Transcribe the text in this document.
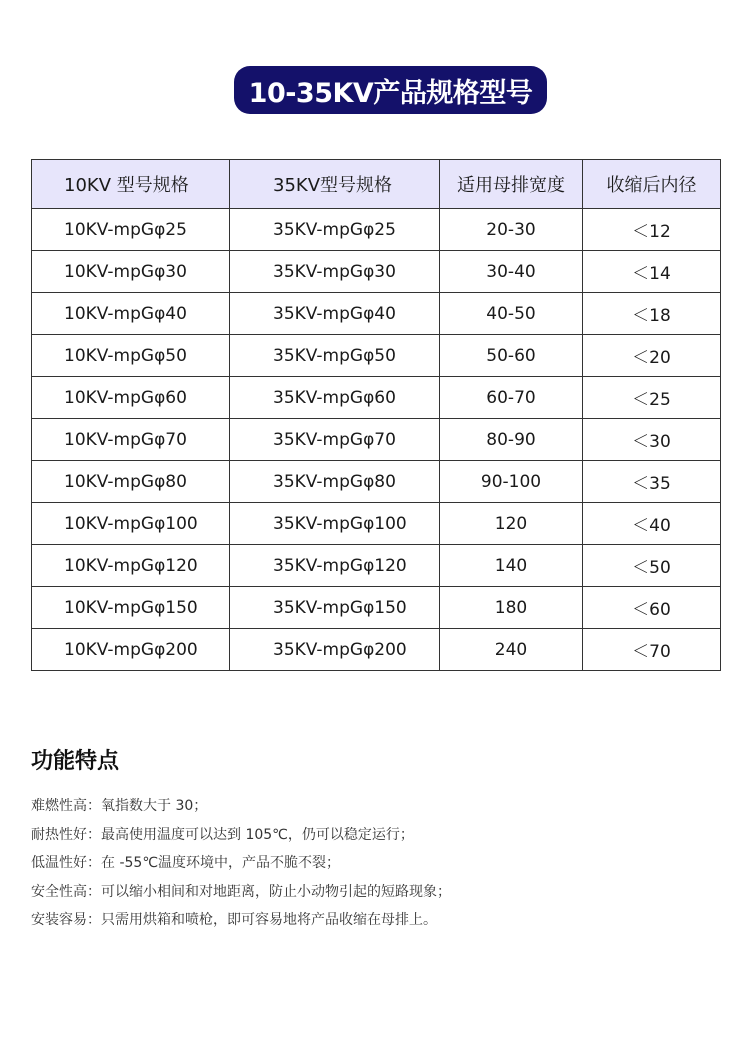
10-35KV产品规格型号
10KV 型号规格	35KV型号规格	适用母排宽度	收缩后内径
10KV-mpGφ25	35KV-mpGφ25	20-30	＜12
10KV-mpGφ30	35KV-mpGφ30	30-40	＜14
10KV-mpGφ40	35KV-mpGφ40	40-50	＜18
10KV-mpGφ50	35KV-mpGφ50	50-60	＜20
10KV-mpGφ60	35KV-mpGφ60	60-70	＜25
10KV-mpGφ70	35KV-mpGφ70	80-90	＜30
10KV-mpGφ80	35KV-mpGφ80	90-100	＜35
10KV-mpGφ100	35KV-mpGφ100	120	＜40
10KV-mpGφ120	35KV-mpGφ120	140	＜50
10KV-mpGφ150	35KV-mpGφ150	180	＜60
10KV-mpGφ200	35KV-mpGφ200	240	＜70
功能特点
难燃性高：氧指数大于 30；
耐热性好：最高使用温度可以达到 105℃，仍可以稳定运行；
低温性好：在 -55℃温度环境中，产品不脆不裂；
安全性高：可以缩小相间和对地距离，防止小动物引起的短路现象；
安装容易：只需用烘箱和喷枪，即可容易地将产品收缩在母排上。
